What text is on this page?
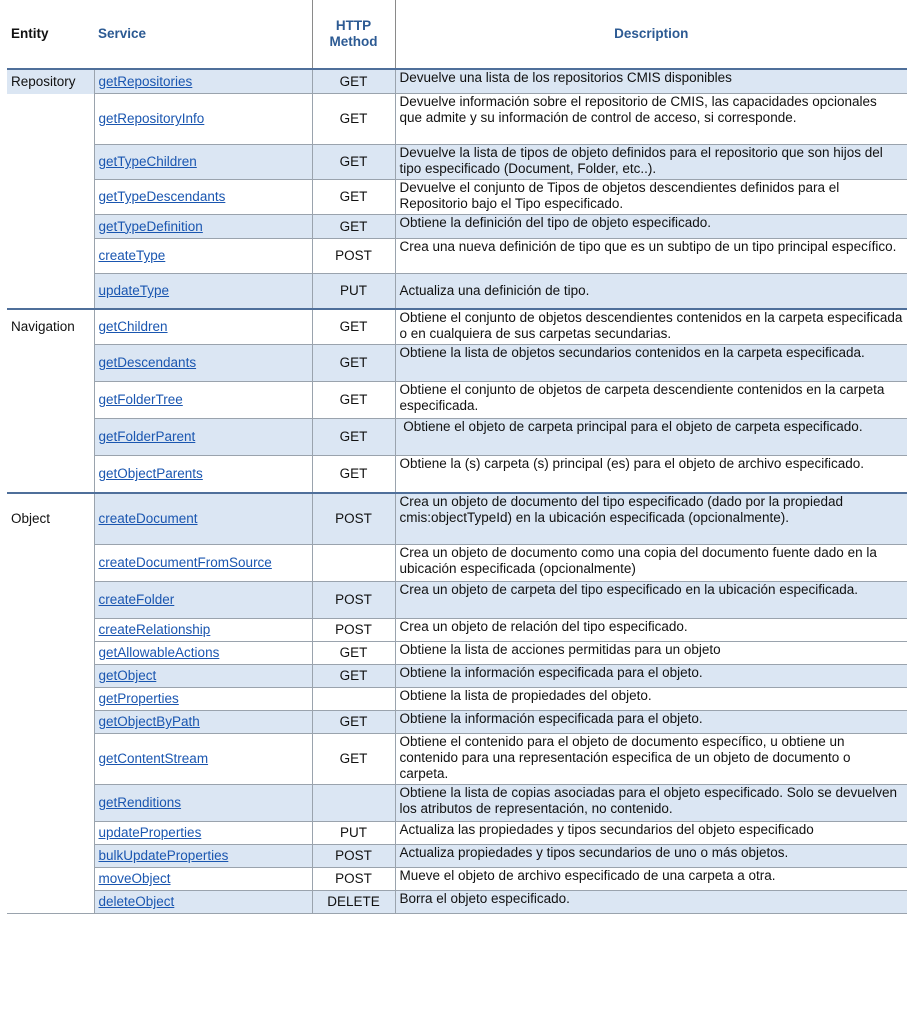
Entity	Service	HTTP Method	Description
Repository	getRepositories	GET	Devuelve una lista de los repositorios CMIS disponibles
	getRepositoryInfo	GET	Devuelve información sobre el repositorio de CMIS, las capacidades opcionales que admite y su información de control de acceso, si corresponde.
	getTypeChildren	GET	Devuelve la lista de tipos de objeto definidos para el repositorio que son hijos del tipo especificado (Document, Folder, etc..).
	getTypeDescendants	GET	Devuelve el conjunto de Tipos de objetos descendientes definidos para el Repositorio bajo el Tipo especificado.
	getTypeDefinition	GET	Obtiene la definición del tipo de objeto especificado.
	createType	POST	Crea una nueva definición de tipo que es un subtipo de un tipo principal específico.
	updateType	PUT	Actualiza una definición de tipo.
Navigation	getChildren	GET	Obtiene el conjunto de objetos descendientes contenidos en la carpeta especificada o en cualquiera de sus carpetas secundarias.
	getDescendants	GET	Obtiene la lista de objetos secundarios contenidos en la carpeta especificada.
	getFolderTree	GET	Obtiene el conjunto de objetos de carpeta descendiente contenidos en la carpeta especificada.
	getFolderParent	GET	Obtiene el objeto de carpeta principal para el objeto de carpeta especificado.
	getObjectParents	GET	Obtiene la (s) carpeta (s) principal (es) para el objeto de archivo especificado.
Object	createDocument	POST	Crea un objeto de documento del tipo especificado (dado por la propiedad cmis:objectTypeId) en la ubicación especificada (opcionalmente).
	createDocumentFromSource		Crea un objeto de documento como una copia del documento fuente dado en la ubicación especificada (opcionalmente)
	createFolder	POST	Crea un objeto de carpeta del tipo especificado en la ubicación especificada.
	createRelationship	POST	Crea un objeto de relación del tipo especificado.
	getAllowableActions	GET	Obtiene la lista de acciones permitidas para un objeto
	getObject	GET	Obtiene la información especificada para el objeto.
	getProperties		Obtiene la lista de propiedades del objeto.
	getObjectByPath	GET	Obtiene la información especificada para el objeto.
	getContentStream	GET	Obtiene el contenido para el objeto de documento específico, u obtiene un contenido para una representación especifica de un objeto de documento o carpeta.
	getRenditions		Obtiene la lista de copias asociadas para el objeto especificado. Solo se devuelven los atributos de representación, no contenido.
	updateProperties	PUT	Actualiza las propiedades y tipos secundarios del objeto especificado
	bulkUpdateProperties	POST	Actualiza propiedades y tipos secundarios de uno o más objetos.
	moveObject	POST	Mueve el objeto de archivo especificado de una carpeta a otra.
	deleteObject	DELETE	Borra el objeto especificado.
